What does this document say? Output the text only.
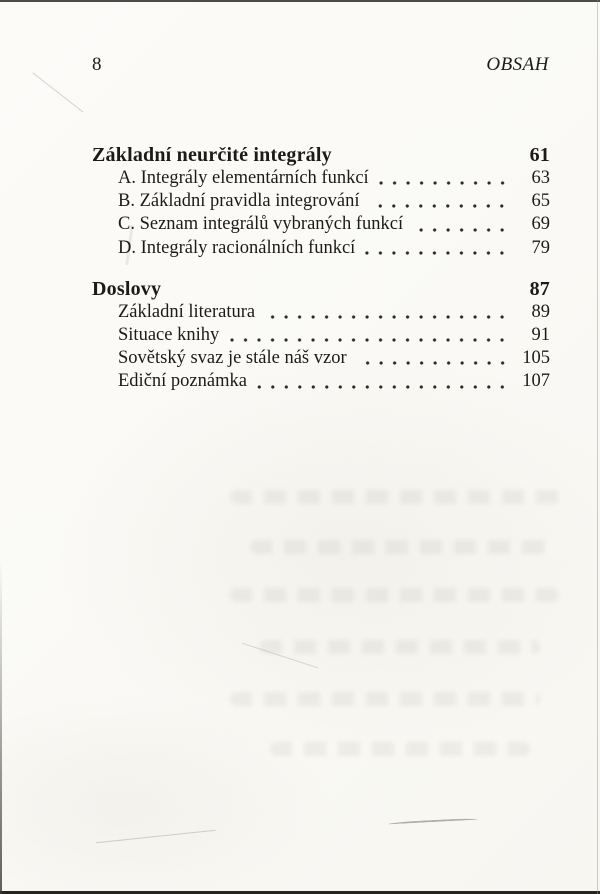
8	OBSAH
Základní neurčité integrály	61
A. Integrály elementárních funkcí	63
B. Základní pravidla integrování	65
C. Seznam integrálů vybraných funkcí	69
D. Integrály racionálních funkcí	79
Doslovy	87
Základní literatura	89
Situace knihy	91
Sovětský svaz je stále náš vzor	105
Ediční poznámka	107
